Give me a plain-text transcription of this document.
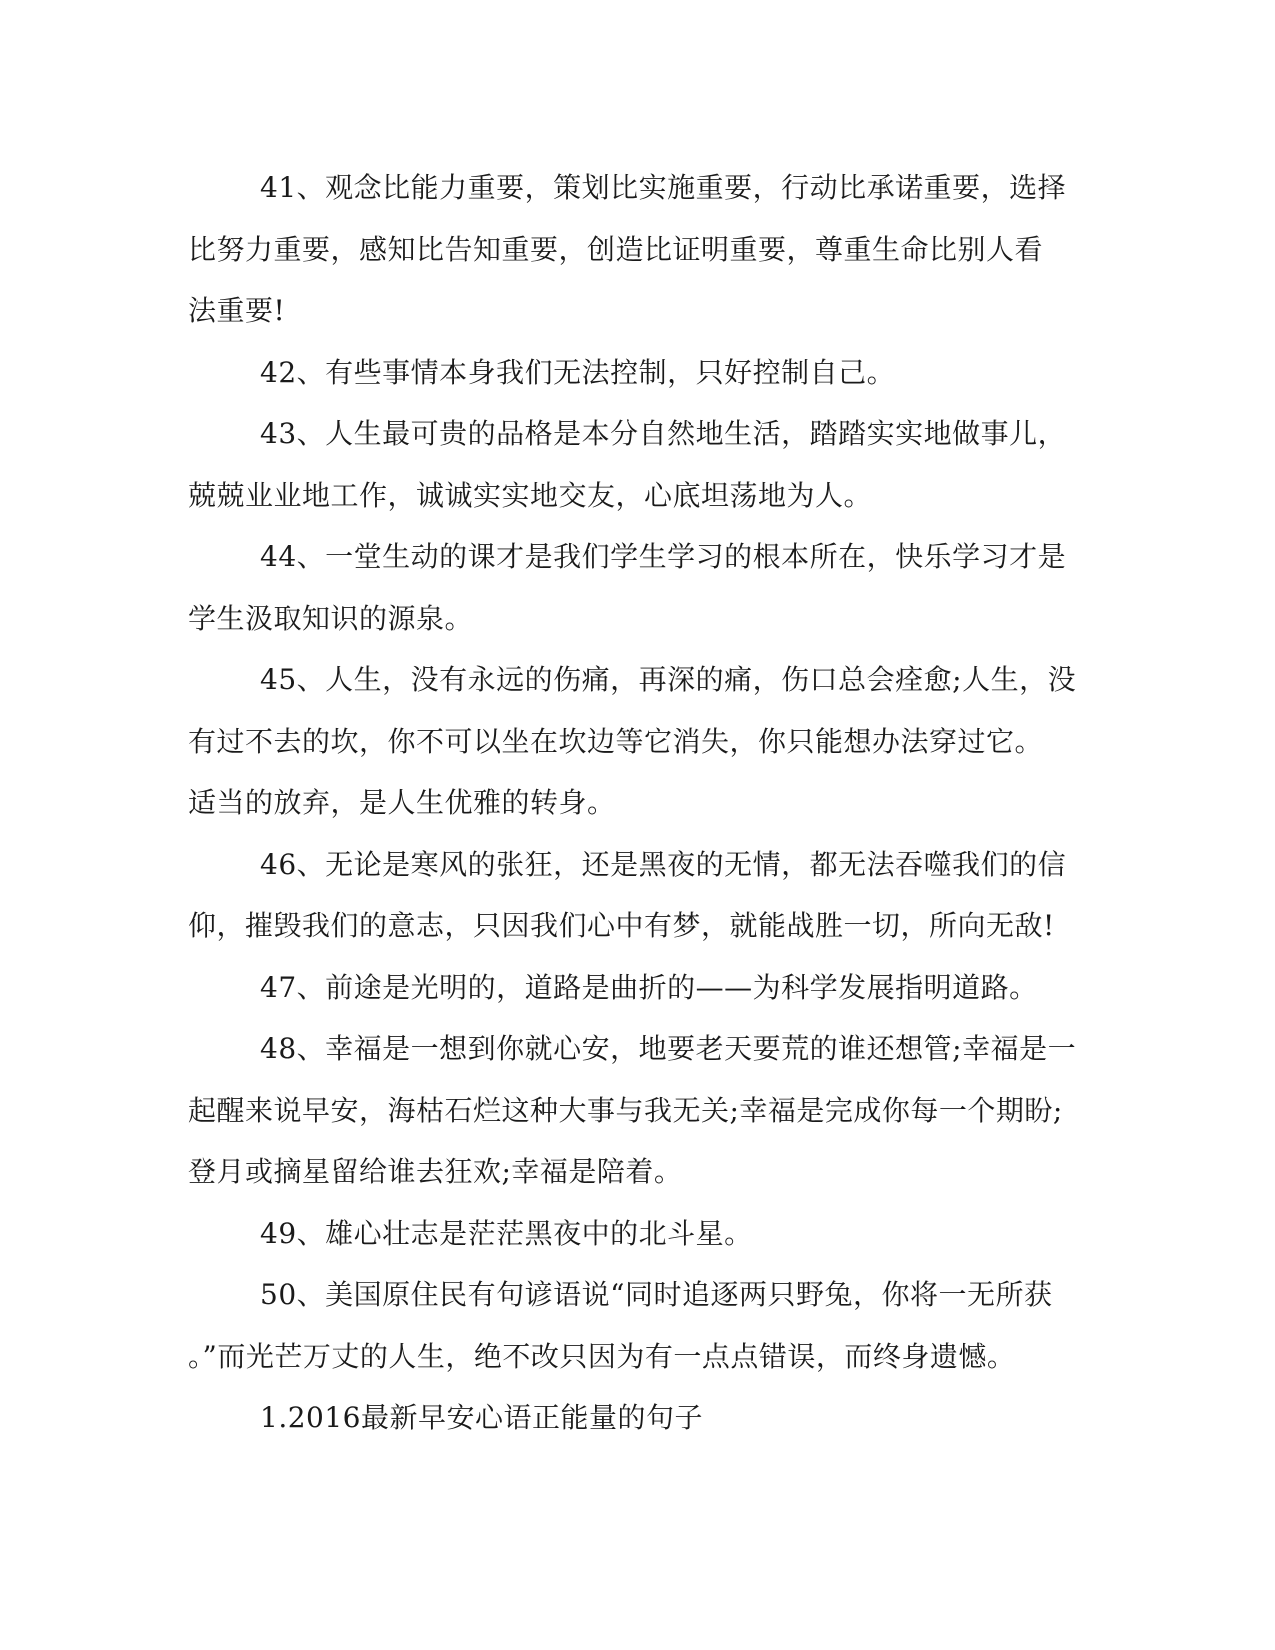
41、观念比能力重要，策划比实施重要，行动比承诺重要，选择
比努力重要，感知比告知重要，创造比证明重要，尊重生命比别人看
法重要!

42、有些事情本身我们无法控制，只好控制自己。

43、人生最可贵的品格是本分自然地生活，踏踏实实地做事儿，
兢兢业业地工作，诚诚实实地交友，心底坦荡地为人。

44、一堂生动的课才是我们学生学习的根本所在，快乐学习才是
学生汲取知识的源泉。

45、人生，没有永远的伤痛，再深的痛，伤口总会痊愈;人生，没
有过不去的坎，你不可以坐在坎边等它消失，你只能想办法穿过它。
适当的放弃，是人生优雅的转身。

46、无论是寒风的张狂，还是黑夜的无情，都无法吞噬我们的信
仰，摧毁我们的意志，只因我们心中有梦，就能战胜一切，所向无敌!

47、前途是光明的，道路是曲折的——为科学发展指明道路。

48、幸福是一想到你就心安，地要老天要荒的谁还想管;幸福是一
起醒来说早安，海枯石烂这种大事与我无关;幸福是完成你每一个期盼;
登月或摘星留给谁去狂欢;幸福是陪着。

49、雄心壮志是茫茫黑夜中的北斗星。

50、美国原住民有句谚语说“同时追逐两只野兔，你将一无所获
。”而光芒万丈的人生，绝不改只因为有一点点错误，而终身遗憾。

1.2016最新早安心语正能量的句子
